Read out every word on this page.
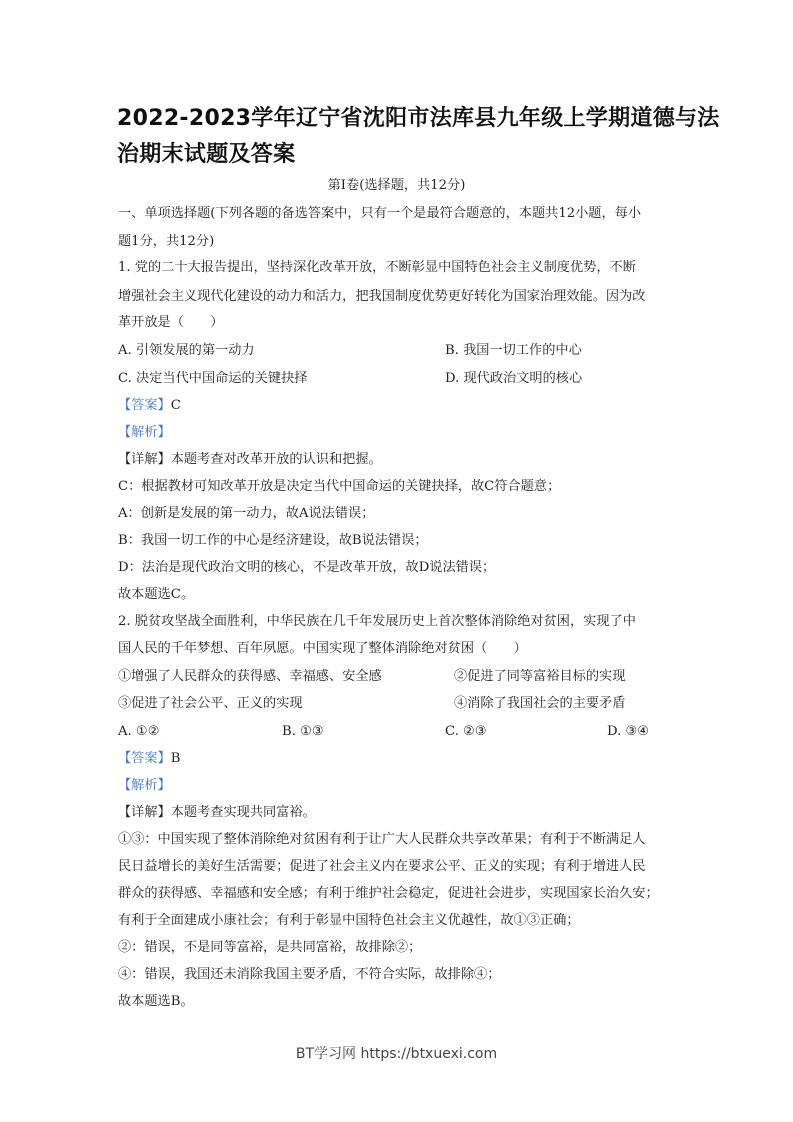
2022-2023学年辽宁省沈阳市法库县九年级上学期道德与法
治期末试题及答案
第Ⅰ卷(选择题，共12分)
一、单项选择题(下列各题的备选答案中，只有一个是最符合题意的，本题共12小题，每小
题1分，共12分)
1. 党的二十大报告提出，坚持深化改革开放，不断彰显中国特色社会主义制度优势，不断
增强社会主义现代化建设的动力和活力，把我国制度优势更好转化为国家治理效能。因为改
革开放是（　　）
A. 引领发展的第一动力	B. 我国一切工作的中心
C. 决定当代中国命运的关键抉择	D. 现代政治文明的核心
【答案】C
【解析】
【详解】本题考查对改革开放的认识和把握。
C：根据教材可知改革开放是决定当代中国命运的关键抉择，故C符合题意；
A：创新是发展的第一动力，故A说法错误；
B：我国一切工作的中心是经济建设，故B说法错误；
D：法治是现代政治文明的核心，不是改革开放，故D说法错误；
故本题选C。
2. 脱贫攻坚战全面胜利，中华民族在几千年发展历史上首次整体消除绝对贫困，实现了中
国人民的千年梦想、百年夙愿。中国实现了整体消除绝对贫困（　　）
①增强了人民群众的获得感、幸福感、安全感	②促进了同等富裕目标的实现
③促进了社会公平、正义的实现	④消除了我国社会的主要矛盾
A. ①②	B. ①③	C. ②③	D. ③④
【答案】B
【解析】
【详解】本题考查实现共同富裕。
①③：中国实现了整体消除绝对贫困有利于让广大人民群众共享改革果；有利于不断满足人
民日益增长的美好生活需要；促进了社会主义内在要求公平、正义的实现；有利于增进人民
群众的获得感、幸福感和安全感；有利于维护社会稳定，促进社会进步，实现国家长治久安；
有利于全面建成小康社会；有利于彰显中国特色社会主义优越性，故①③正确；
②：错误，不是同等富裕，是共同富裕，故排除②；
④：错误，我国还未消除我国主要矛盾，不符合实际，故排除④；
故本题选B。
BT学习网 https://btxuexi.com
